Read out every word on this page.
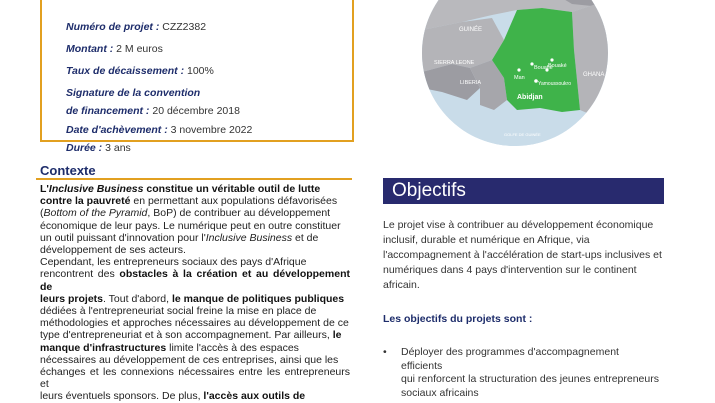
Numéro de projet : CZZ2382
Montant : 2 M euros
Taux de décaissement : 100%
Signature de la convention
de financement : 20 décembre 2018
Date d'achèvement : 3 novembre 2022
Durée : 3 ans
Contexte
L'Inclusive Business constitue un véritable outil de lutte
contre la pauvreté en permettant aux populations défavorisées
(Bottom of the Pyramid, BoP) de contribuer au développement
économique de leur pays. Le numérique peut en outre constituer
un outil puissant d'innovation pour l'Inclusive Business et de
développement de ses acteurs.
Cependant, les entrepreneurs sociaux des pays d'Afrique
rencontrent des obstacles à la création et au développement de
leurs projets. Tout d'abord, le manque de politiques publiques
dédiées à l'entrepreneuriat social freine la mise en place de
méthodologies et approches nécessaires au développement de ce
type d'entrepreneuriat et à son accompagnement. Par ailleurs, le
manque d'infrastructures limite l'accès à des espaces
nécessaires au développement de ces entreprises, ainsi que les
échanges et les connexions nécessaires entre les entrepreneurs et
leurs éventuels sponsors. De plus, l'accès aux outils de
GUINÉE
SIERRA LEONE
LIBERIA
GHANA
Bouaflé
Bouaké
Man
Yamoussoukro
Abidjan
GOLFE DE GUINÉE
Objectifs
Le projet vise à contribuer au développement économique
inclusif, durable et numérique en Afrique, via
l'accompagnement à l'accélération de start-ups inclusives et
numériques dans 4 pays d'intervention sur le continent
africain.
Les objectifs du projets sont :
• Déployer des programmes d'accompagnement efficients
qui renforcent la structuration des jeunes entrepreneurs
sociaux africains
